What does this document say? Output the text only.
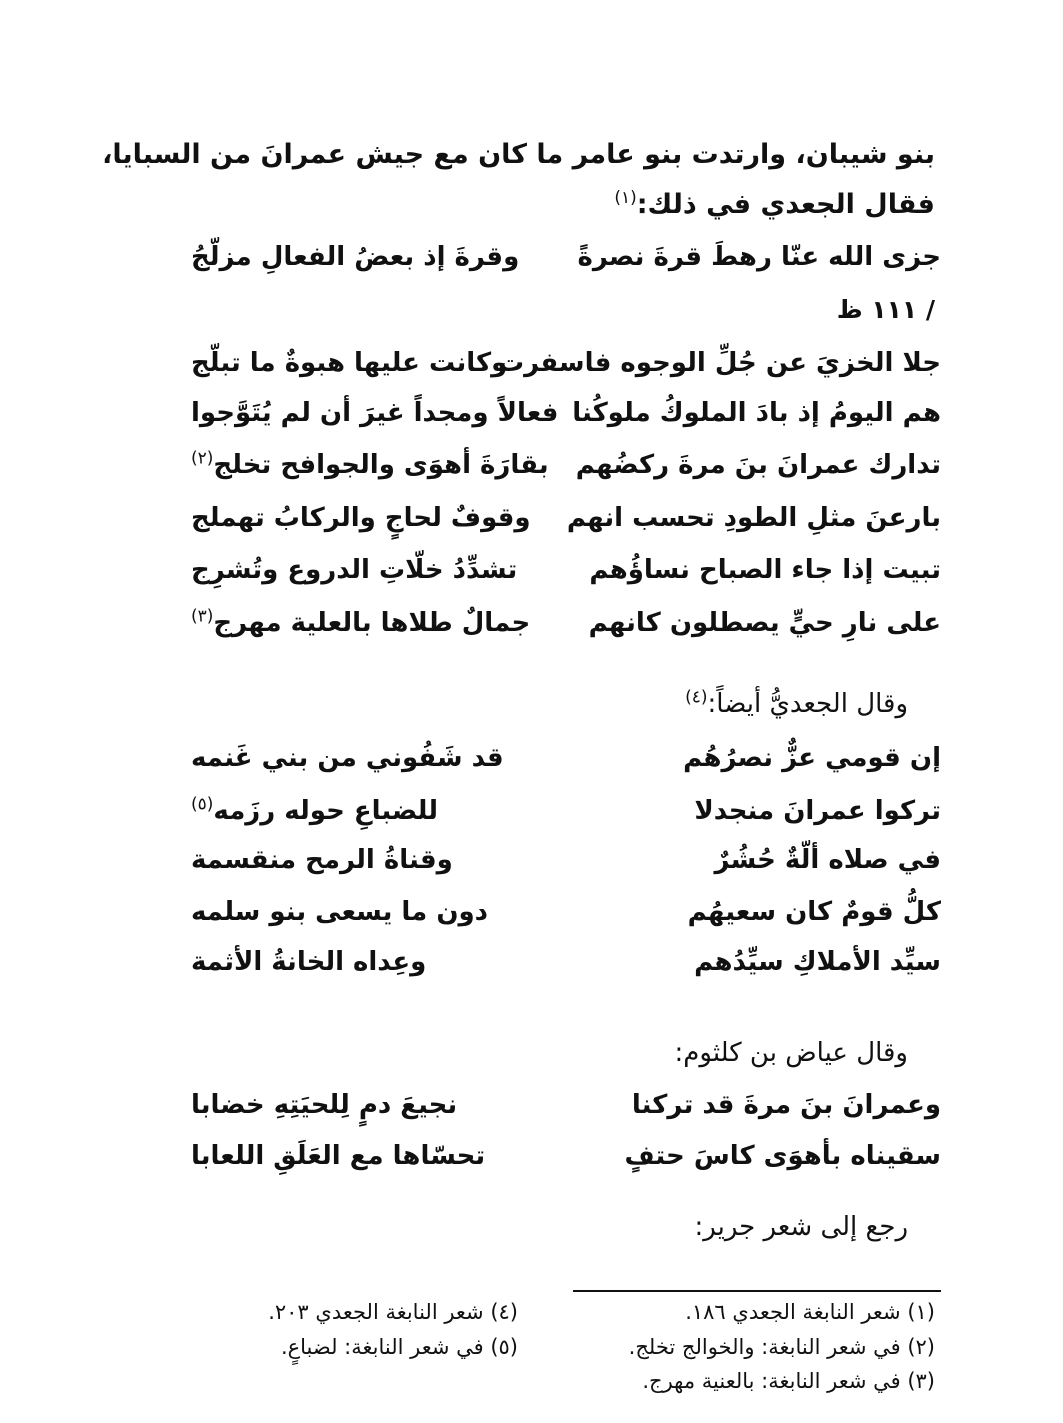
بنو شيبان، وارتدت بنو عامر ما كان مع جيش عمرانَ من السبايا،
فقال الجعدي في ذلك:$^{(١)}$
جزى الله عنّا رهطَ قرةَ نصرةً
وقرةَ إذ بعضُ الفعالِ مزلّجُ
/ ١١١ ظ
جلا الخزيَ عن جُلِّ الوجوه فاسفرت
وكانت عليها هبوةٌ ما تبلّج
هم اليومُ إذ بادَ الملوكُ ملوكُنا
فعالاً ومجداً غيرَ أن لم يُتَوَّجوا
تدارك عمرانَ بنَ مرةَ ركضُهم
بقارَةَ أهوَى والجوافح تخلج$^{(٢)}$
بارعنَ مثلِ الطودِ تحسب انهم
وقوفٌ لحاجٍ والركابُ تهملج
تبيت إذا جاء الصباح نساؤُهم
تشدِّدُ خلّاتِ الدروع وتُشرِج
على نارِ حيٍّ يصطلون كانهم
جمالٌ طلاها بالعلية مهرج$^{(٣)}$
وقال الجعديُّ أيضاً:$^{(٤)}$
إن قومي عزٌّ نصرُهُم
قد شَفُوني من بني غَنمه
تركوا عمرانَ منجدلا
للضباعِ حوله رزَمه$^{(٥)}$
في صلاه ألّةٌ حُشُرٌ
وقناةُ الرمح منقسمة
كلُّ قومٌ كان سعيهُم
دون ما يسعى بنو سلمه
سيِّد الأملاكِ سيِّدُهم
وعِداه الخانةُ الأثمة
وقال عياض بن كلثوم:
وعمرانَ بنَ مرةَ قد تركنا
نجيعَ دمٍ لِلحيَتِهِ خضابا
سقيناه بأهوَى كاسَ حتفٍ
تحسّاها مع العَلَقِ اللعابا
رجع إلى شعر جرير:
(١) شعر النابغة الجعدي ١٨٦.
(٢) في شعر النابغة: والخوالج تخلج.
(٣) في شعر النابغة: بالعنية مهرج.
(٤) شعر النابغة الجعدي ٢٠٣.
(٥) في شعر النابغة: لضباعٍ.
